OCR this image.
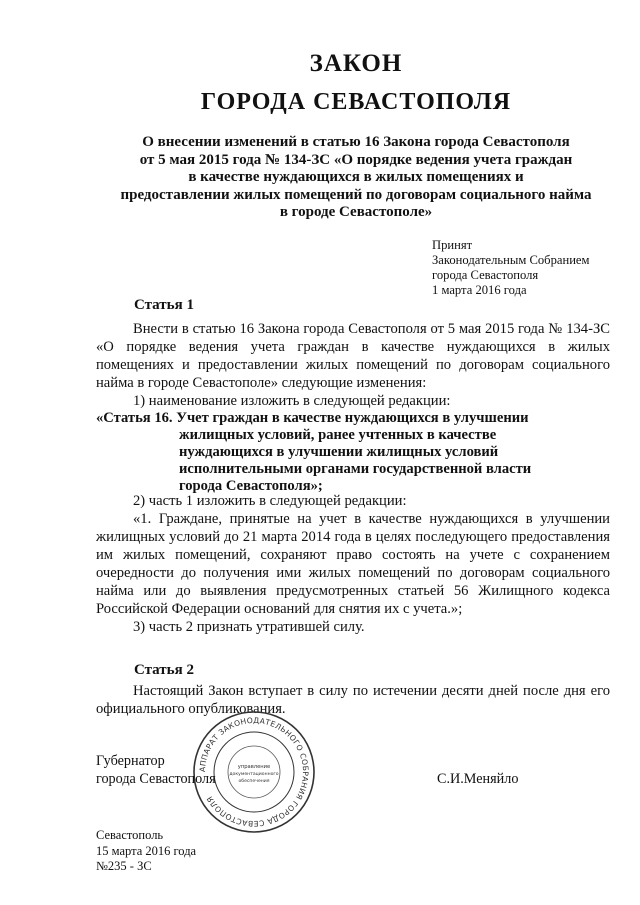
ЗАКОН
ГОРОДА СЕВАСТОПОЛЯ
О внесении изменений в статью 16 Закона города Севастополя
от 5 мая 2015 года № 134-ЗС «О порядке ведения учета граждан
в качестве нуждающихся в жилых помещениях и
предоставлении жилых помещений по договорам социального найма
в городе Севастополе»
Принят
Законодательным Собранием
города Севастополя
1 марта 2016 года
Статья 1

Внести в статью 16 Закона города Севастополя от 5 мая 2015 года № 134-ЗС «О порядке ведения учета граждан в качестве нуждающихся в жилых помещениях и предоставлении жилых помещений по договорам социального найма в городе Севастополе» следующие изменения:

1) наименование изложить в следующей редакции:

«Статья 16. Учет граждан в качестве нуждающихся в улучшении
жилищных условий, ранее учтенных в качестве
нуждающихся в улучшении жилищных условий
исполнительными органами государственной власти
города Севастополя»;

2) часть 1 изложить в следующей редакции:

«1. Граждане, принятые на учет в качестве нуждающихся в улучшении жилищных условий до 21 марта 2014 года в целях последующего предоставления им жилых помещений, сохраняют право состоять на учете с сохранением очередности до получения ими жилых помещений по договорам социального найма или до выявления предусмотренных статьей 56 Жилищного кодекса Российской Федерации оснований для снятия их с учета.»;

3) часть 2 признать утратившей силу.

Статья 2

Настоящий Закон вступает в силу по истечении десяти дней после дня его официального опубликования.

АППАРАТ ЗАКОНОДАТЕЛЬНОГО СОБРАНИЯ ГОРОДА СЕВАСТОПОЛЯ
управление
документационного
обеспечения
Губернатор
города Севастополя	С.И.Меняйло
Севастополь
15 марта 2016 года
№235 - ЗС
